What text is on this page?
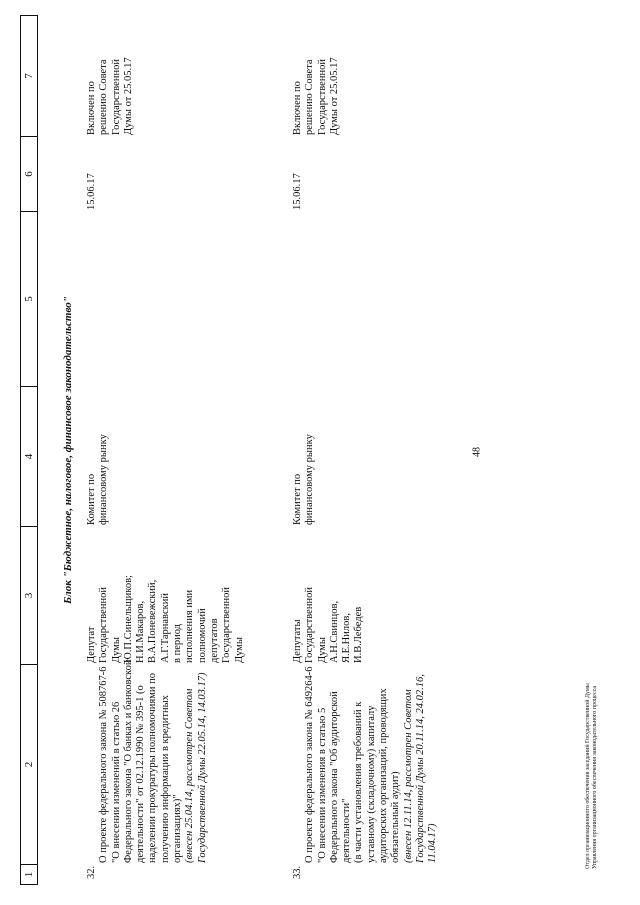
48
1
2
3
4
5
6
7
Блок "Бюджетное, налоговое, финансовое законодательство"
32.

О проекте федерального закона № 508767-6
"О внесении изменений в статью 26
Федерального закона "О банках и банковской
деятельности" от 02.12.1990 № 395-1 (о
наделении прокуратуры полномочиями по
получению информации в кредитных
организациях)" (внесен 25.04.14, рассмотрен Советом
Государственной Думы 22.05.14, 14.03.17)

Депутат
Государственной
Думы
Ю.П.Синельщиков;
Н.И.Макаров,
В.А.Поневежский,
А.Г.Тарнавский
в период
исполнения ими
полномочий
депутатов
Государственной
Думы
Комитет по
финансовому рынку
15.06.17
Включен по
решению Совета
Государственной
Думы от 25.05.17
33.

О проекте федерального закона № 649264-6
"О внесении изменения в статью 5
Федерального закона "Об аудиторской
деятельности"
(в части установления требований к
уставному (складочному) капиталу
аудиторских организаций, проводящих
обязательный аудит)

(внесен 12.11.14, рассмотрен Советом
Государственной Думы 20.11.14, 24.02.16,
11.04.17)

Депутаты
Государственной
Думы
А.Н.Свинцов,
Я.Е.Нилов,
И.В.Лебедев
Комитет по
финансовому рынку
15.06.17
Включен по
решению Совета
Государственной
Думы от 25.05.17
Отдел организационного обеспечения заседаний Государственной Думы Управления организационного обеспечения законодательного процесса
